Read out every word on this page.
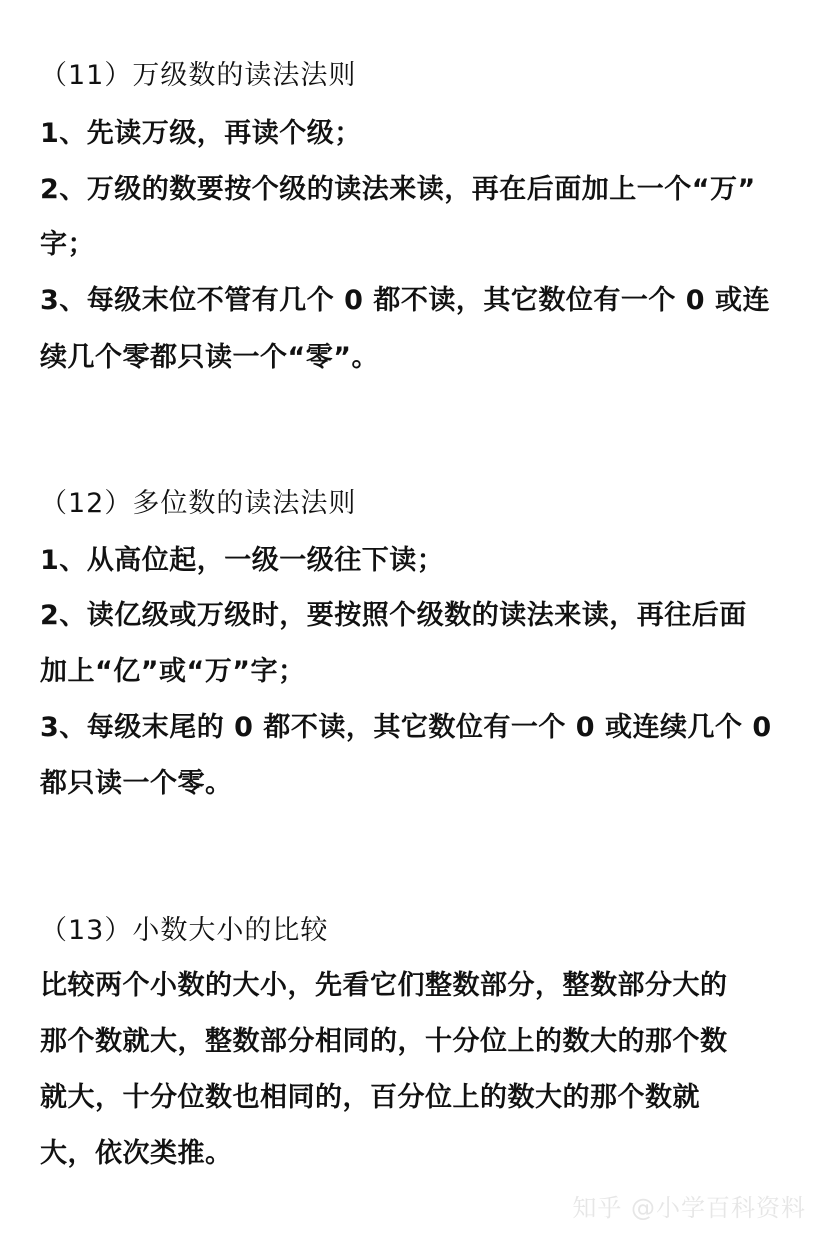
（11）万级数的读法法则
1、先读万级，再读个级；
2、万级的数要按个级的读法来读，再在后面加上一个“万”
字；
3、每级末位不管有几个 0 都不读，其它数位有一个 0 或连
续几个零都只读一个“零”。
（12）多位数的读法法则
1、从高位起，一级一级往下读；
2、读亿级或万级时，要按照个级数的读法来读，再往后面
加上“亿”或“万”字；
3、每级末尾的 0 都不读，其它数位有一个 0 或连续几个 0
都只读一个零。
（13）小数大小的比较
比较两个小数的大小，先看它们整数部分，整数部分大的
那个数就大，整数部分相同的，十分位上的数大的那个数
就大，十分位数也相同的，百分位上的数大的那个数就
大，依次类推。
知乎 @小学百科资料
